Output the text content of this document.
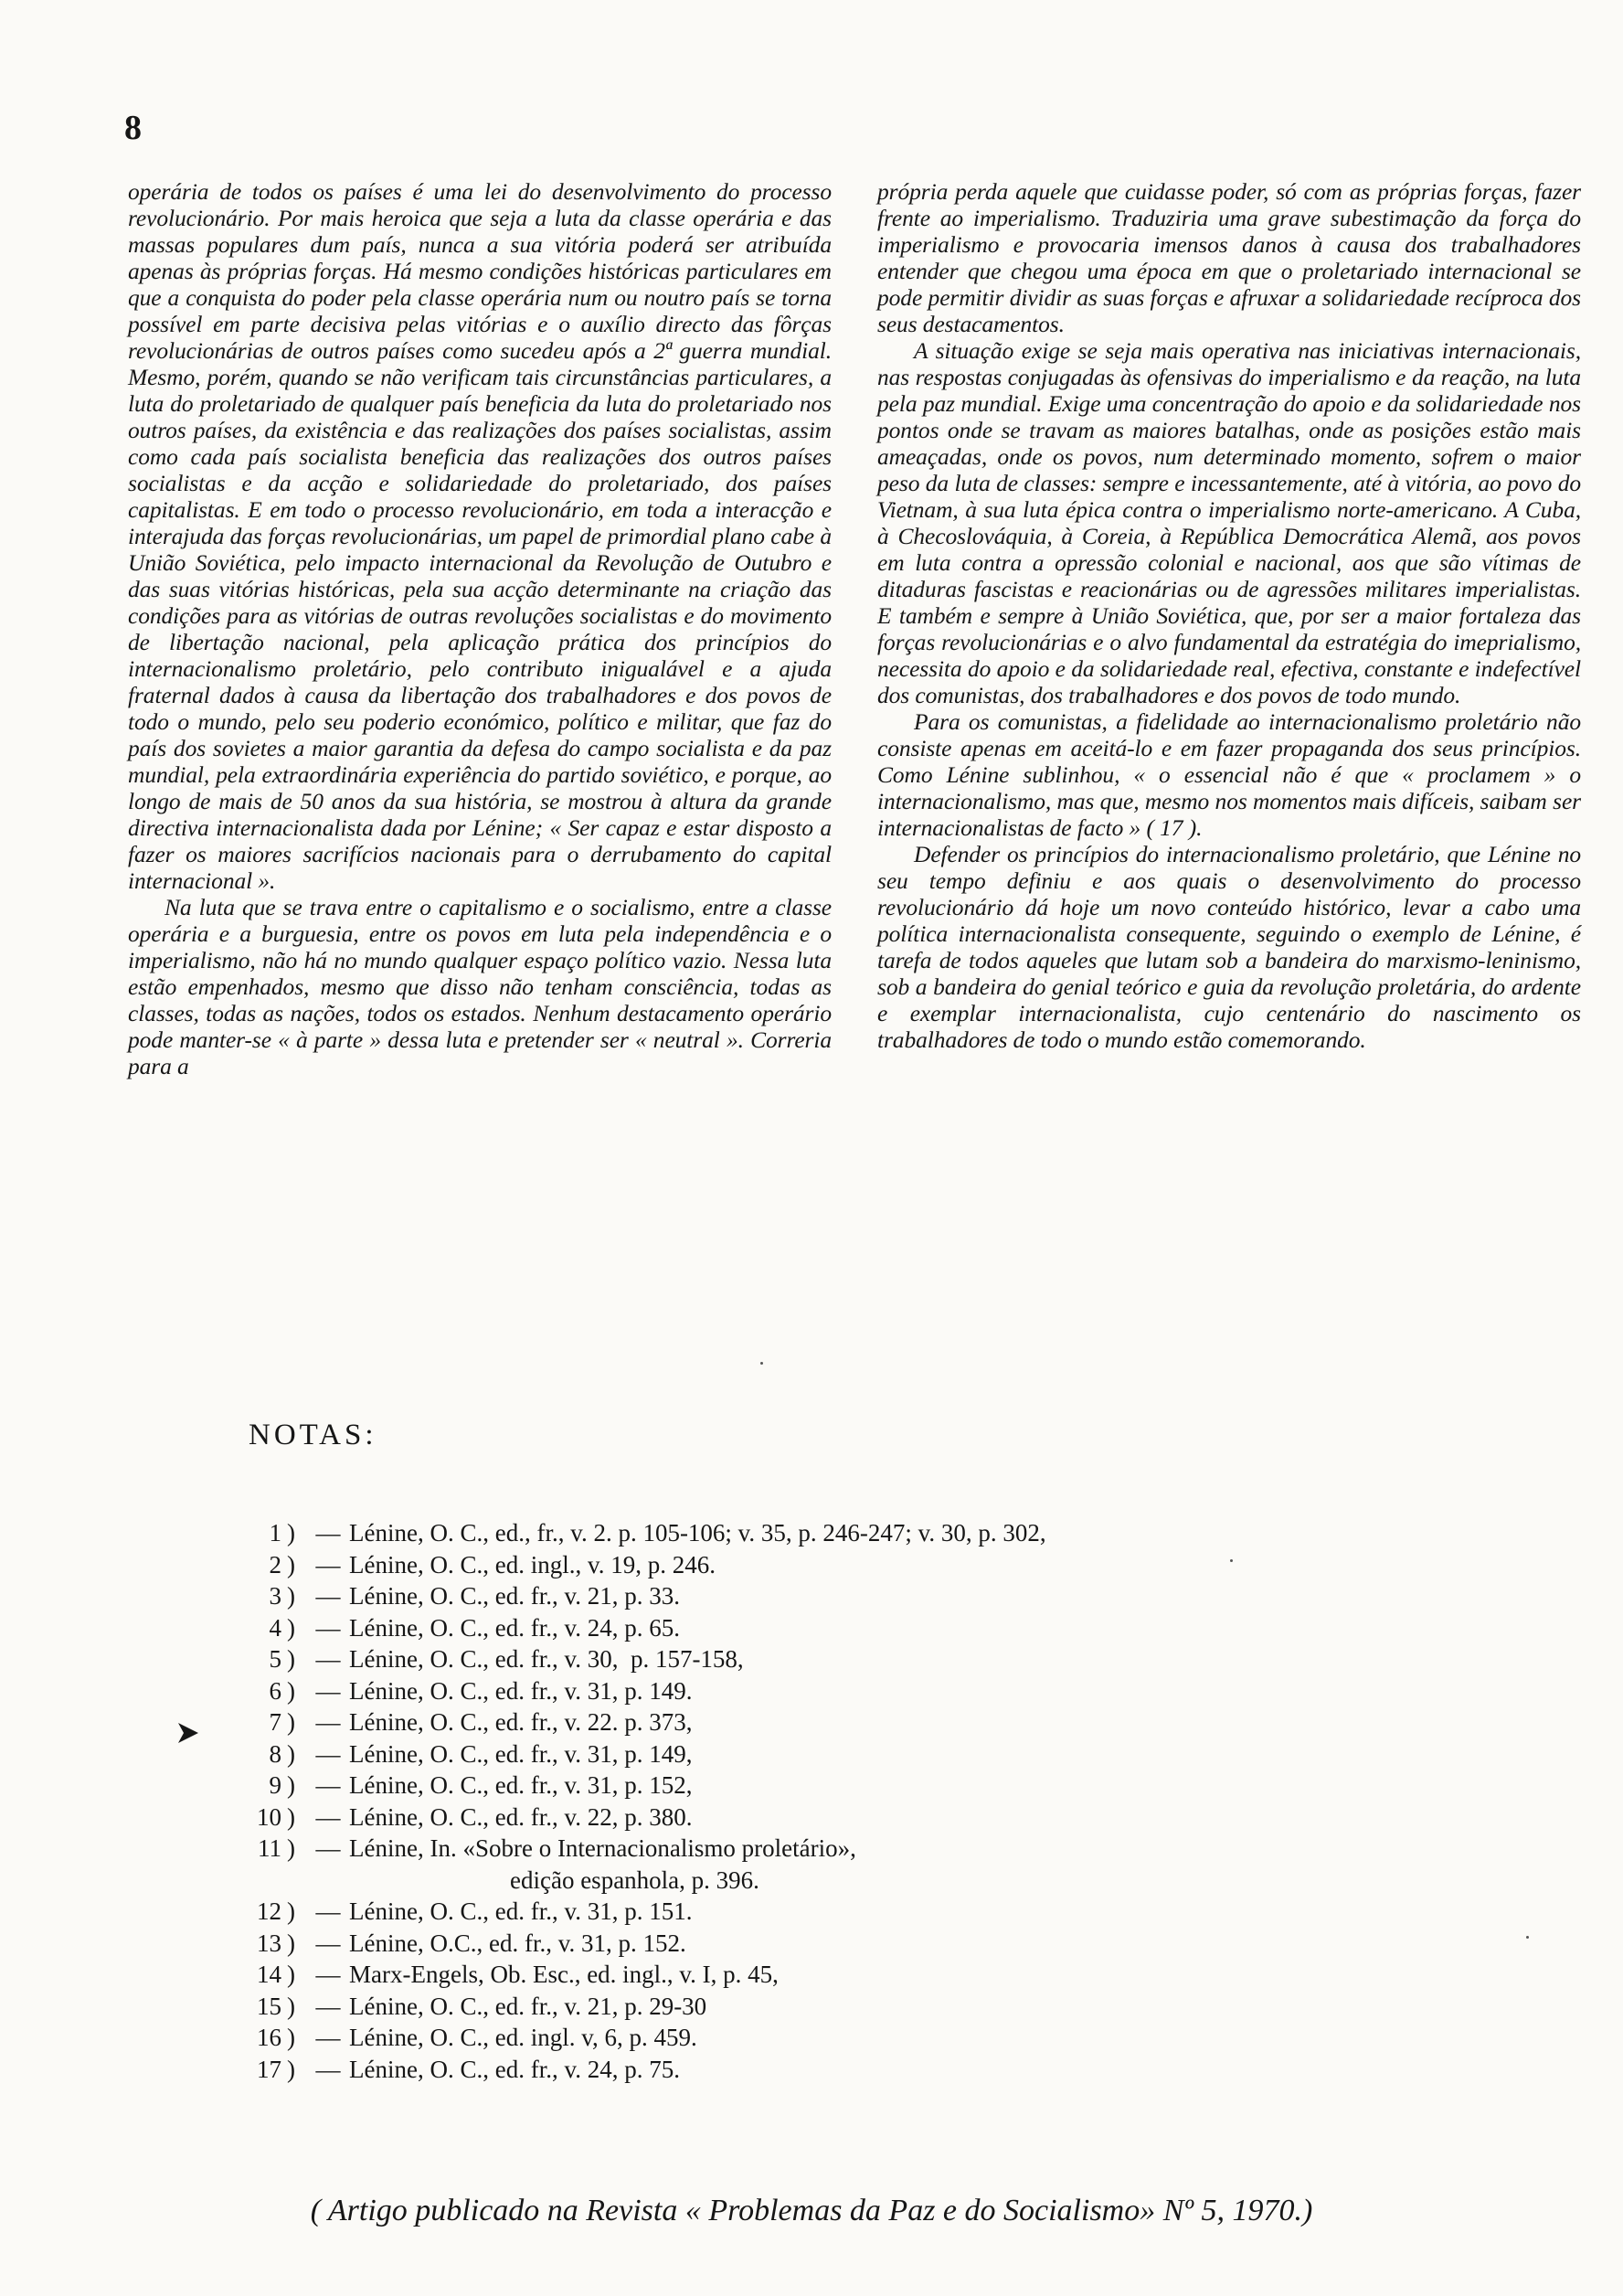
8

operária de todos os países é uma lei do desenvolvimento do processo revolucionário. Por mais heroica que seja a luta da classe operária e das massas populares dum país, nunca a sua vitória poderá ser atribuída apenas às próprias forças. Há mesmo condições históricas particulares em que a conquista do poder pela classe operária num ou noutro país se torna possível em parte decisiva pelas vitórias e o auxílio directo das fôrças revolucionárias de outros países como sucedeu após a 2ª guerra mundial. Mesmo, porém, quando se não verificam tais circunstâncias particulares, a luta do proletariado de qualquer país beneficia da luta do proletariado nos outros países, da existência e das realizações dos países socialistas, assim como cada país socialista beneficia das realizações dos outros países socialistas e da acção e solidariedade do proletariado, dos países capitalistas. E em todo o processo revolucionário, em toda a interacção e interajuda das forças revolucionárias, um papel de primordial plano cabe à União Soviética, pelo impacto internacional da Revolução de Outubro e das suas vitórias históricas, pela sua acção determinante na criação das condições para as vitórias de outras revoluções socialistas e do movimento de libertação nacional, pela aplicação prática dos princípios do internacionalismo proletário, pelo contributo inigualável e a ajuda fraternal dados à causa da libertação dos trabalhadores e dos povos de todo o mundo, pelo seu poderio económico, político e militar, que faz do país dos sovietes a maior garantia da defesa do campo socialista e da paz mundial, pela extraordinária experiência do partido soviético, e porque, ao longo de mais de 50 anos da sua história, se mostrou à altura da grande directiva internacionalista dada por Lénine; « Ser capaz e estar disposto a fazer os maiores sacrifícios nacionais para o derrubamento do capital internacional ».

Na luta que se trava entre o capitalismo e o socialismo, entre a classe operária e a burguesia, entre os povos em luta pela independência e o imperialismo, não há no mundo qualquer espaço político vazio. Nessa luta estão empenhados, mesmo que disso não tenham consciência, todas as classes, todas as nações, todos os estados. Nenhum destacamento operário pode manter-se « à parte » dessa luta e pretender ser « neutral ». Correria para a

própria perda aquele que cuidasse poder, só com as próprias forças, fazer frente ao imperialismo. Traduziria uma grave subestimação da força do imperialismo e provocaria imensos danos à causa dos trabalhadores entender que chegou uma época em que o proletariado internacional se pode permitir dividir as suas forças e afruxar a solidariedade recíproca dos seus destacamentos.

A situação exige se seja mais operativa nas iniciativas internacionais, nas respostas conjugadas às ofensivas do imperialismo e da reação, na luta pela paz mundial. Exige uma concentração do apoio e da solidariedade nos pontos onde se travam as maiores batalhas, onde as posições estão mais ameaçadas, onde os povos, num determinado momento, sofrem o maior peso da luta de classes: sempre e incessantemente, até à vitória, ao povo do Vietnam, à sua luta épica contra o imperialismo norte-americano. A Cuba, à Checoslováquia, à Coreia, à República Democrática Alemã, aos povos em luta contra a opressão colonial e nacional, aos que são vítimas de ditaduras fascistas e reacionárias ou de agressões militares imperialistas. E também e sempre à União Soviética, que, por ser a maior fortaleza das forças revolucionárias e o alvo fundamental da estratégia do imeprialismo, necessita do apoio e da solidariedade real, efectiva, constante e indefectível dos comunistas, dos trabalhadores e dos povos de todo mundo.

Para os comunistas, a fidelidade ao internacionalismo proletário não consiste apenas em aceitá-lo e em fazer propaganda dos seus princípios. Como Lénine sublinhou, « o essencial não é que « proclamem » o internacionalismo, mas que, mesmo nos momentos mais difíceis, saibam ser internacionalistas de facto » ( 17 ).

Defender os princípios do internacionalismo proletário, que Lénine no seu tempo definiu e aos quais o desenvolvimento do processo revolucionário dá hoje um novo conteúdo histórico, levar a cabo uma política internacionalista consequente, seguindo o exemplo de Lénine, é tarefa de todos aqueles que lutam sob a bandeira do marxismo-leninismo, sob a bandeira do genial teórico e guia da revolução proletária, do ardente e exemplar internacionalista, cujo centenário do nascimento os trabalhadores de todo o mundo estão comemorando.

NOTAS:
1 ) — Lénine, O. C., ed., fr., v. 2. p. 105-106; v. 35, p. 246-247; v. 30, p. 302,
2 ) — Lénine, O. C., ed. ingl., v. 19, p. 246.
3 ) — Lénine, O. C., ed. fr., v. 21, p. 33.
4 ) — Lénine, O. C., ed. fr., v. 24, p. 65.
5 ) — Lénine, O. C., ed. fr., v. 30,  p. 157-158,
6 ) — Lénine, O. C., ed. fr., v. 31, p. 149.
7 ) — Lénine, O. C., ed. fr., v. 22. p. 373,
8 ) — Lénine, O. C., ed. fr., v. 31, p. 149,
9 ) — Lénine, O. C., ed. fr., v. 31, p. 152,
10 ) — Lénine, O. C., ed. fr., v. 22, p. 380.
11 ) — Lénine, In. «Sobre o Internacionalismo proletário»,
edição espanhola, p. 396.
12 ) — Lénine, O. C., ed. fr., v. 31, p. 151.
13 ) — Lénine, O.C., ed. fr., v. 31, p. 152.
14 ) — Marx-Engels, Ob. Esc., ed. ingl., v. I, p. 45,
15 ) — Lénine, O. C., ed. fr., v. 21, p. 29-30
16 ) — Lénine, O. C., ed. ingl. v, 6, p. 459.
17 ) — Lénine, O. C., ed. fr., v. 24, p. 75.
( Artigo publicado na Revista « Problemas da Paz e do Socialismo» Nº 5, 1970.)
